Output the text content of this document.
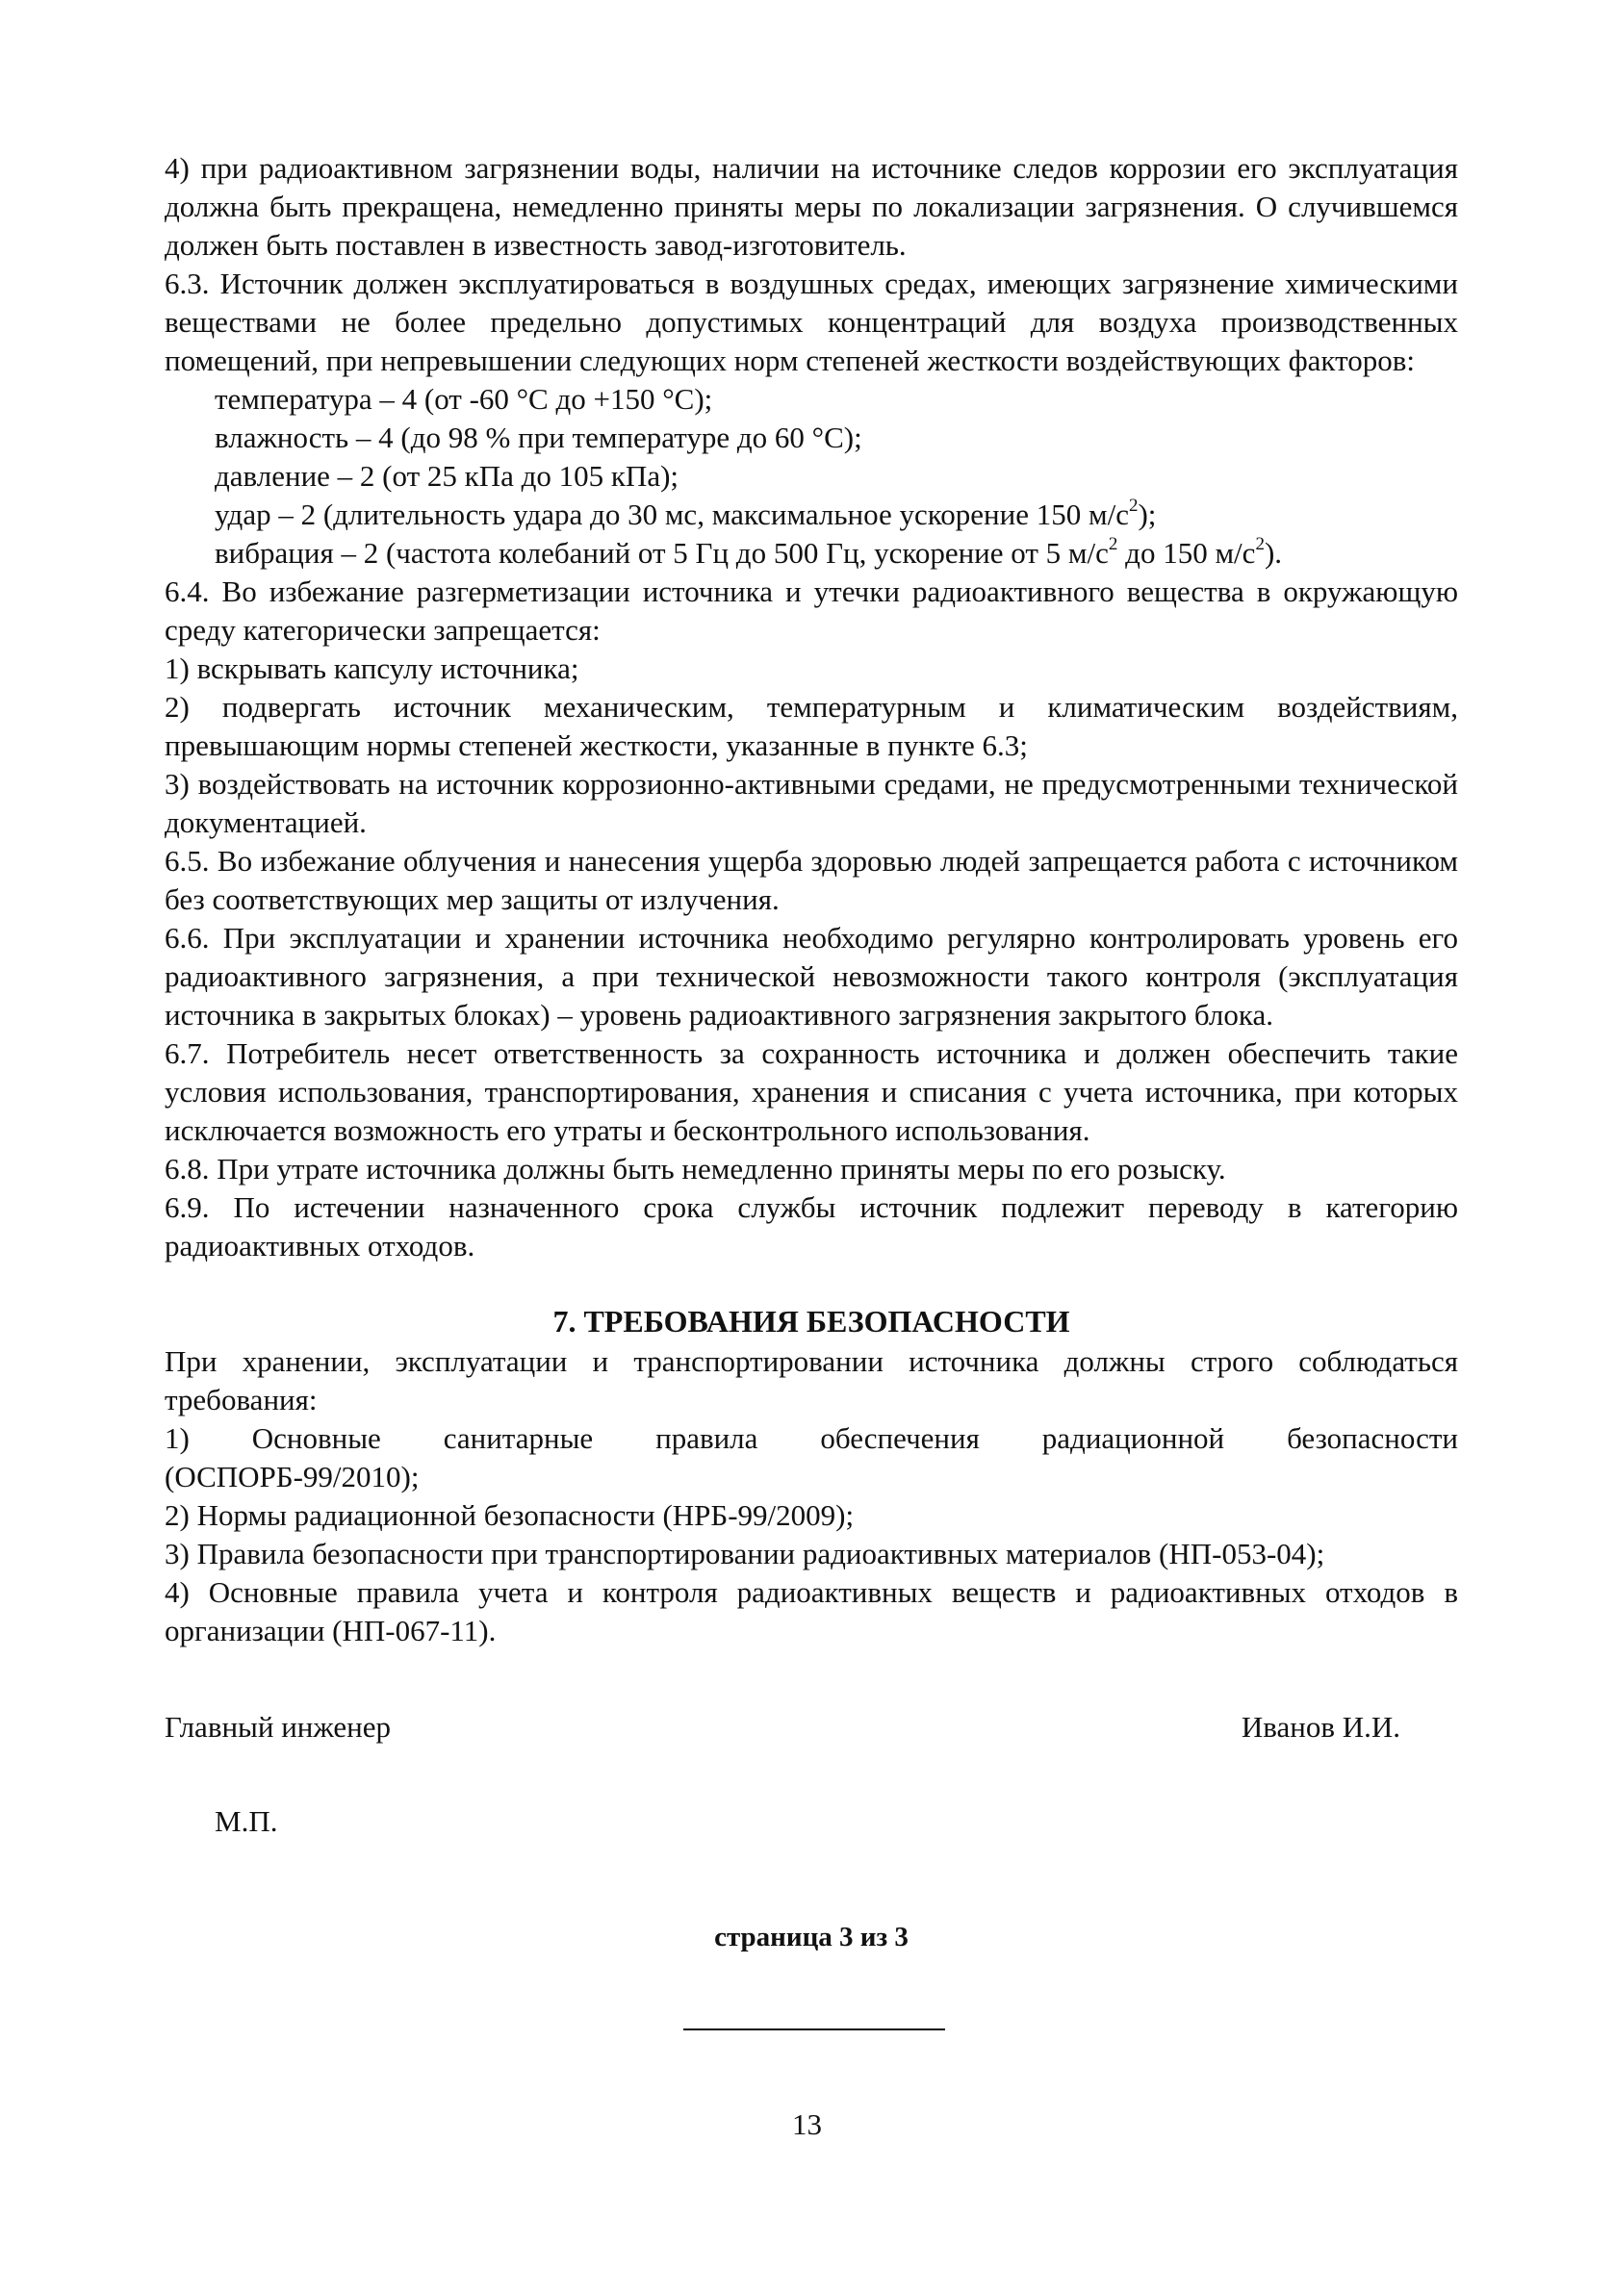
4) при радиоактивном загрязнении воды, наличии на источнике следов коррозии его эксплуатация должна быть прекращена, немедленно приняты меры по локализации загрязнения. О случившемся должен быть поставлен в известность завод-изготовитель.

6.3. Источник должен эксплуатироваться в воздушных средах, имеющих загрязнение химическими веществами не более предельно допустимых концентраций для воздуха производственных помещений, при непревышении следующих норм степеней жесткости воздействующих факторов:

температура – 4 (от -60 °C до +150 °C);

влажность – 4 (до 98 % при температуре до 60 °C);

давление – 2 (от 25 кПа до 105 кПа);

удар – 2 (длительность удара до 30 мс, максимальное ускорение 150 $м/с^2$);

вибрация – 2 (частота колебаний от 5 Гц до 500 Гц, ускорение от 5 $м/с^2$ до 150 $м/с^2$).

6.4. Во избежание разгерметизации источника и утечки радиоактивного вещества в окружающую среду категорически запрещается:

1) вскрывать капсулу источника;

2) подвергать источник механическим, температурным и климатическим воздействиям, превышающим нормы степеней жесткости, указанные в пункте 6.3;

3) воздействовать на источник коррозионно-активными средами, не предусмотренными технической документацией.

6.5. Во избежание облучения и нанесения ущерба здоровью людей запрещается работа с источником без соответствующих мер защиты от излучения.

6.6. При эксплуатации и хранении источника необходимо регулярно контролировать уровень его радиоактивного загрязнения, а при технической невозможности такого контроля (эксплуатация источника в закрытых блоках) – уровень радиоактивного загрязнения закрытого блока.

6.7. Потребитель несет ответственность за сохранность источника и должен обеспечить такие условия использования, транспортирования, хранения и списания с учета источника, при которых исключается возможность его утраты и бесконтрольного использования.

6.8. При утрате источника должны быть немедленно приняты меры по его розыску.

6.9. По истечении назначенного срока службы источник подлежит переводу в категорию радиоактивных отходов.

7. ТРЕБОВАНИЯ БЕЗОПАСНОСТИ

При хранении, эксплуатации и транспортировании источника должны строго соблюдаться требования:

1) Основные санитарные правила обеспечения радиационной безопасности

(ОСПОРБ-99/2010);

2) Нормы радиационной безопасности (НРБ-99/2009);

3) Правила безопасности при транспортировании радиоактивных материалов (НП-053-04);

4) Основные правила учета и контроля радиоактивных веществ и радиоактивных отходов в организации (НП-067-11).

Главный инженер	Иванов И.И.
М.П.
страница 3 из 3
13
